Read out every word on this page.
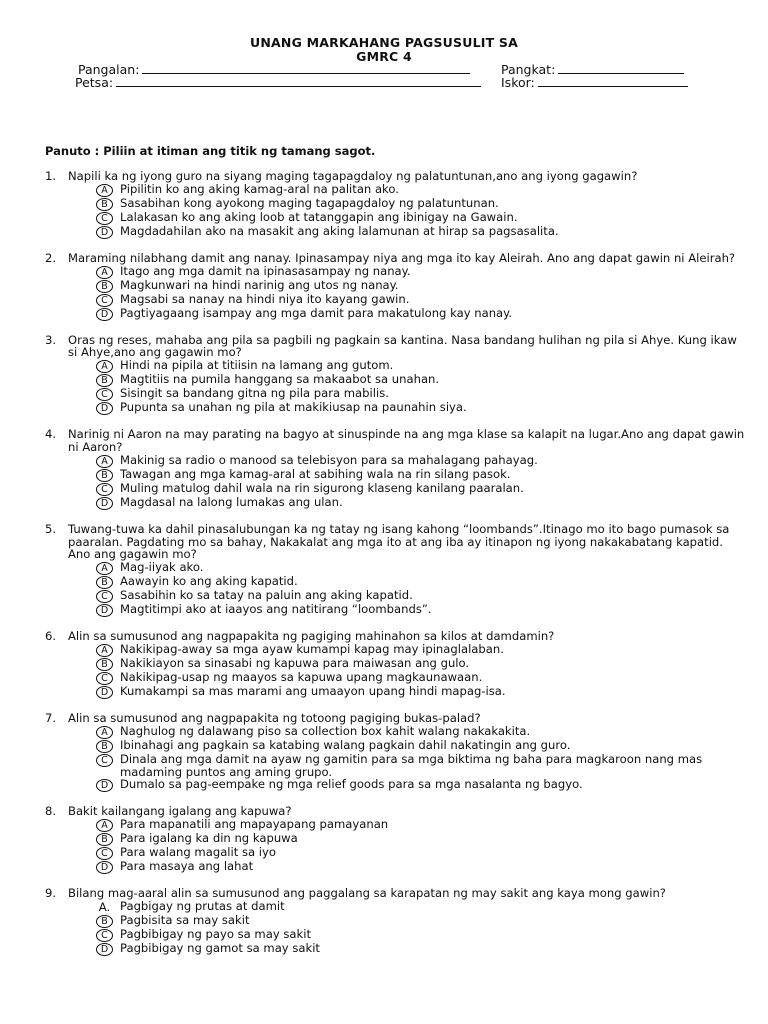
UNANG MARKAHANG PAGSUSULIT SA
GMRC 4
Pangalan:	Pangkat:
Petsa:	Iskor:
Panuto : Piliin at itiman ang titik ng tamang sagot.
1.	Napili ka ng iyong guro na siyang maging tagapagdaloy ng palatuntunan,ano ang iyong gagawin?
A	Pipilitin ko ang aking kamag-aral na palitan ako.
B	Sasabihan kong ayokong maging tagapagdaloy ng palatuntunan.
C	Lalakasan ko ang aking loob at tatanggapin ang ibinigay na Gawain.
D	Magdadahilan ako na masakit ang aking lalamunan at hirap sa pagsasalita.
2.	Maraming nilabhang damit ang nanay. Ipinasampay niya ang mga ito kay Aleirah. Ano ang dapat gawin ni Aleirah?
A	Itago ang mga damit na ipinasasampay ng nanay.
B	Magkunwari na hindi narinig ang utos ng nanay.
C	Magsabi sa nanay na hindi niya ito kayang gawin.
D	Pagtiyagaang isampay ang mga damit para makatulong kay nanay.
3.	Oras ng reses, mahaba ang pila sa pagbili ng pagkain sa kantina. Nasa bandang hulihan ng pila si Ahye. Kung ikaw si Ahye,ano ang gagawin mo?
A	Hindi na pipila at titiisin na lamang ang gutom.
B	Magtitiis na pumila hanggang sa makaabot sa unahan.
C	Sisingit sa bandang gitna ng pila para mabilis.
D	Pupunta sa unahan ng pila at makikiusap na paunahin siya.
4.	Narinig ni Aaron na may parating na bagyo at sinuspinde na ang mga klase sa kalapit na lugar.Ano ang dapat gawin ni Aaron?
A	Makinig sa radio o manood sa telebisyon para sa mahalagang pahayag.
B	Tawagan ang mga kamag-aral at sabihing wala na rin silang pasok.
C	Muling matulog dahil wala na rin sigurong klaseng kanilang paaralan.
D	Magdasal na lalong lumakas ang ulan.
5.	Tuwang-tuwa ka dahil pinasalubungan ka ng tatay ng isang kahong “loombands”.Itinago mo ito bago pumasok sa paaralan. Pagdating mo sa bahay, Nakakalat ang mga ito at ang iba ay itinapon ng iyong nakakabatang kapatid. Ano ang gagawin mo?
A	Mag-iiyak ako.
B	Aawayin ko ang aking kapatid.
C	Sasabihin ko sa tatay na paluin ang aking kapatid.
D	Magtitimpi ako at iaayos ang natitirang “loombands”.
6.	Alin sa sumusunod ang nagpapakita ng pagiging mahinahon sa kilos at damdamin?
A	Nakikipag-away sa mga ayaw kumampi kapag may ipinaglalaban.
B	Nakikiayon sa sinasabi ng kapuwa para maiwasan ang gulo.
C	Nakikipag-usap ng maayos sa kapuwa upang magkaunawaan.
D	Kumakampi sa mas marami ang umaayon upang hindi mapag-isa.
7.	Alin sa sumusunod ang nagpapakita ng totoong pagiging bukas-palad?
A	Naghulog ng dalawang piso sa collection box kahit walang nakakakita.
B	Ibinahagi ang pagkain sa katabing walang pagkain dahil nakatingin ang guro.
C	Dinala ang mga damit na ayaw ng gamitin para sa mga biktima ng baha para magkaroon nang mas madaming puntos ang aming grupo.
D	Dumalo sa pag-eempake ng mga relief goods para sa mga nasalanta ng bagyo.
8.	Bakit kailangang igalang ang kapuwa?
A	Para mapanatili ang mapayapang pamayanan
B	Para igalang ka din ng kapuwa
C	Para walang magalit sa iyo
D	Para masaya ang lahat
9.	Bilang mag-aaral alin sa sumusunod ang paggalang sa karapatan ng may sakit ang kaya mong gawin?
A. Pagbigay ng prutas at damit
B	Pagbisita sa may sakit
C	Pagbibigay ng payo sa may sakit
D	Pagbibigay ng gamot sa may sakit
